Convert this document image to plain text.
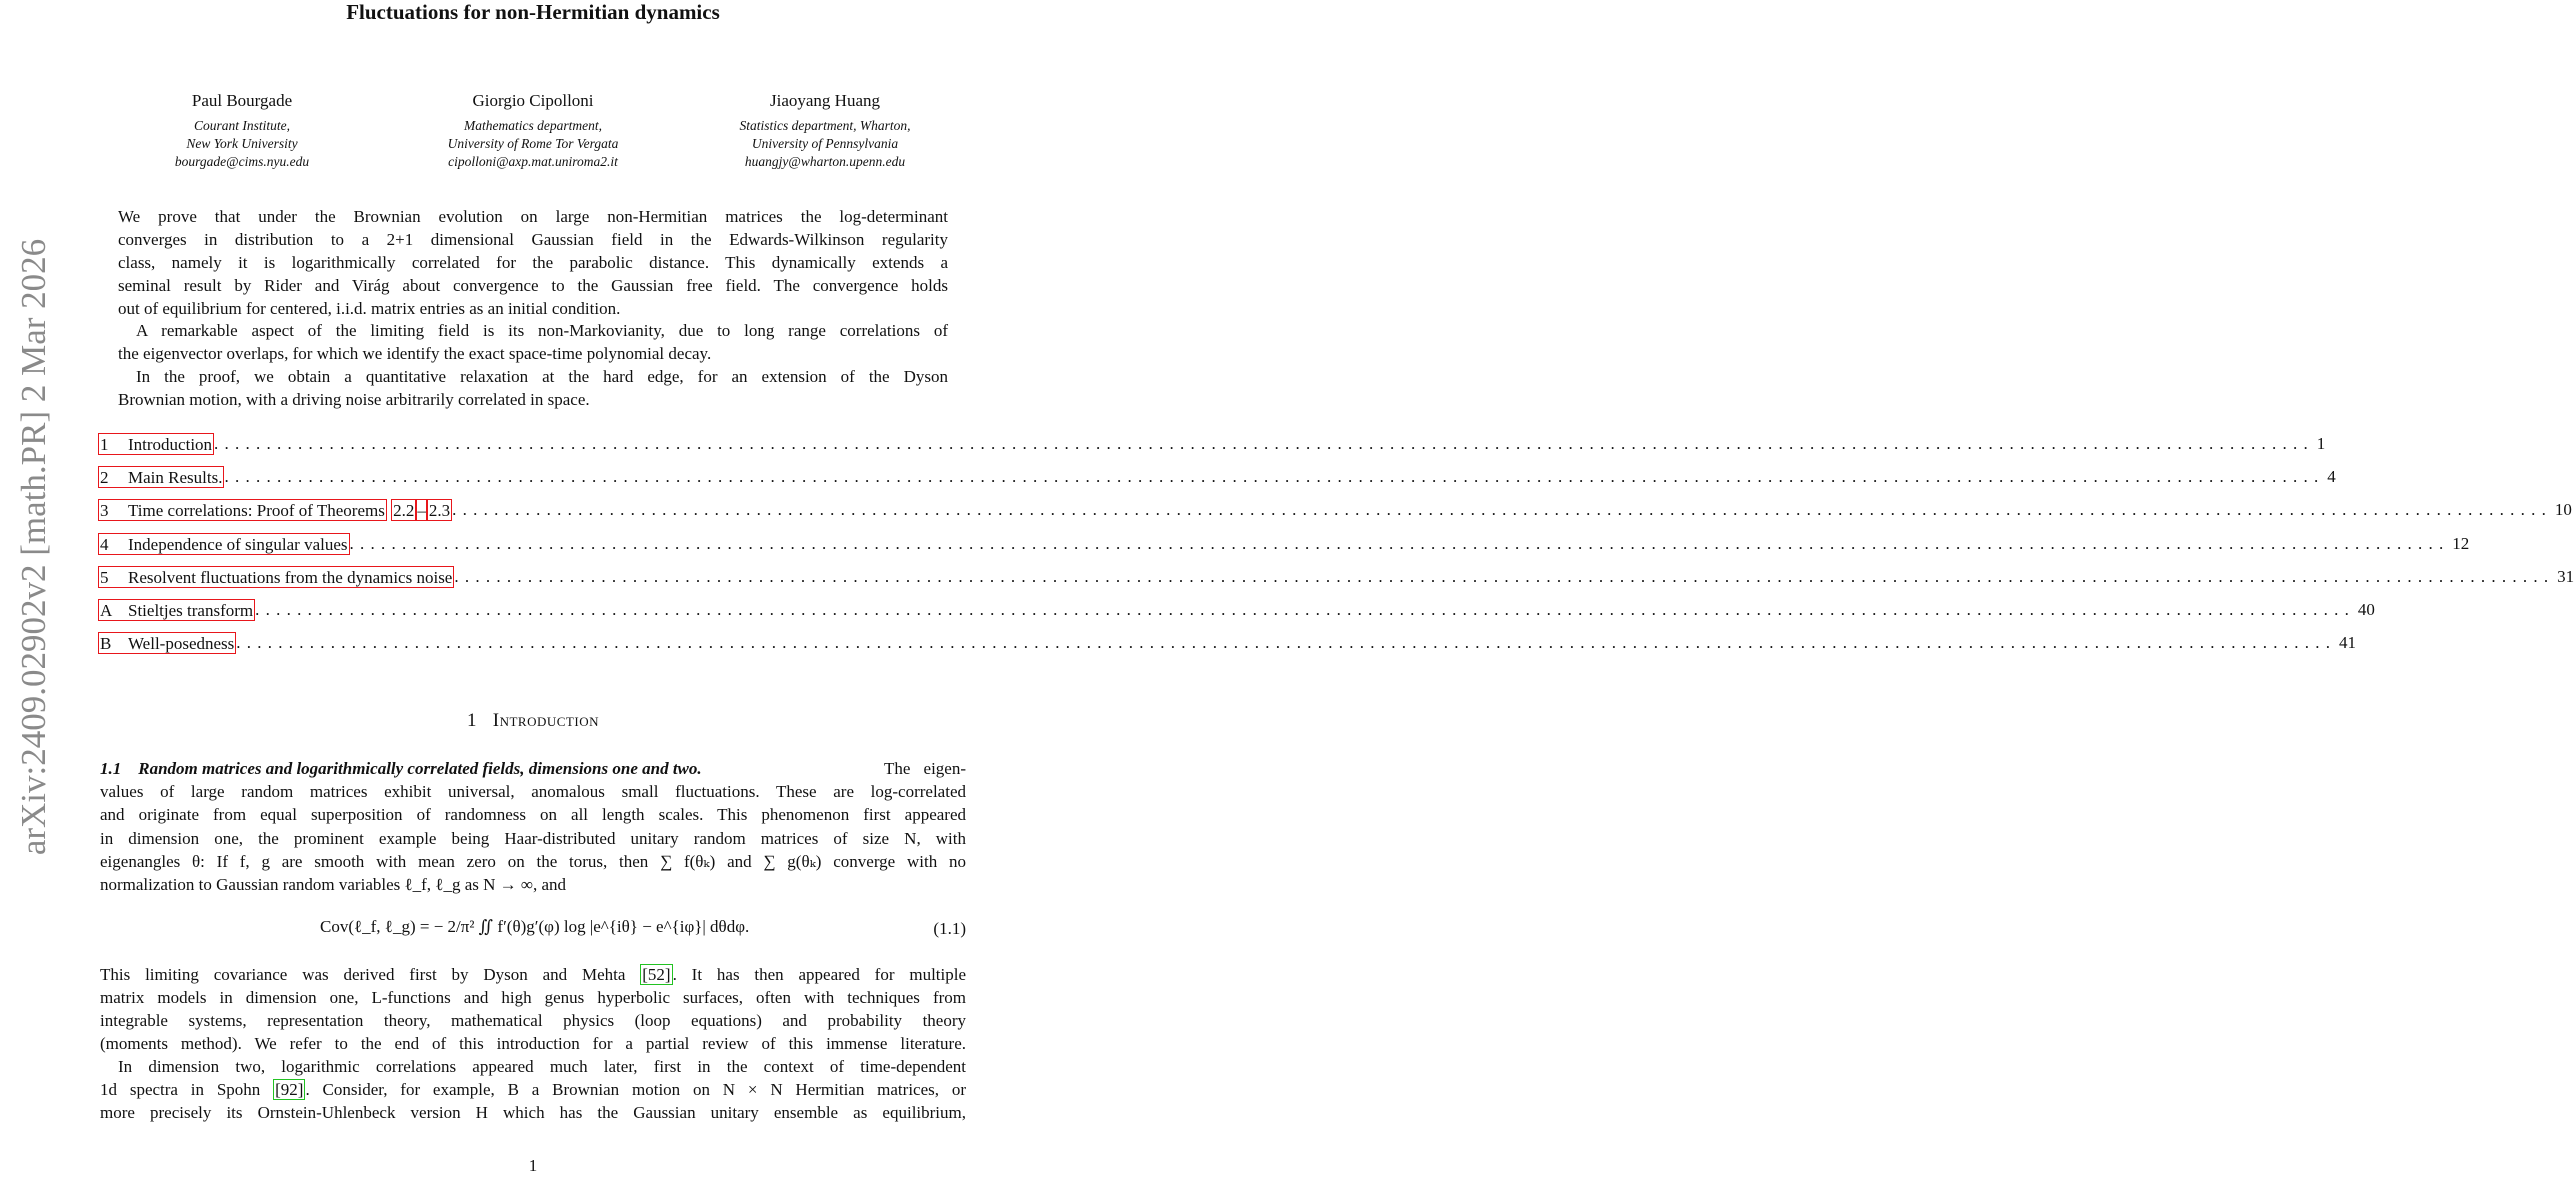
arXiv:2409.02902v2 [math.PR] 2 Mar 2026
Fluctuations for non-Hermitian dynamics
Paul Bourgade
Courant Institute,
New York University
bourgade@cims.nyu.edu
Giorgio Cipolloni
Mathematics department,
University of Rome Tor Vergata
cipolloni@axp.mat.uniroma2.it
Jiaoyang Huang
Statistics department, Wharton,
University of Pennsylvania
huangjy@wharton.upenn.edu
We prove that under the Brownian evolution on large non-Hermitian matrices the log-determinant
converges in distribution to a 2+1 dimensional Gaussian field in the Edwards-Wilkinson regularity
class, namely it is logarithmically correlated for the parabolic distance. This dynamically extends a
seminal result by Rider and Virág about convergence to the Gaussian free field. The convergence holds
out of equilibrium for centered, i.i.d. matrix entries as an initial condition.
A remarkable aspect of the limiting field is its non-Markovianity, due to long range correlations of
the eigenvector overlaps, for which we identify the exact space-time polynomial decay.
In the proof, we obtain a quantitative relaxation at the hard edge, for an extension of the Dyson
Brownian motion, with a driving noise arbitrarily correlated in space.
1 Introduction . . . . . . . . . . . . . . . . . . . . . . . . . . . . . . . . . . . . . . . . . . . . . . . . . . . . . . . . . . . . . . . . . . . . . . . . . . . . . . . . . . . . . . . . . . . . . . . . . . . . . . . . . . . . . . . . . . . . . . . . . . . . . . . . . . . . . . . . . . . . . . . . . . . . . . . . . . . . . . . . . . . . . . . . . . . . . . . . . . . . . . . . . . . . . . . . . . . . . . . . 1
2 Main Results. . . . . . . . . . . . . . . . . . . . . . . . . . . . . . . . . . . . . . . . . . . . . . . . . . . . . . . . . . . . . . . . . . . . . . . . . . . . . . . . . . . . . . . . . . . . . . . . . . . . . . . . . . . . . . . . . . . . . . . . . . . . . . . . . . . . . . . . . . . . . . . . . . . . . . . . . . . . . . . . . . . . . . . . . . . . . . . . . . . . . . . . . . . . . . . . . . . . . . . . . 4
3 Time correlations: Proof of Theorems
2.2 – 2.3 . . . . . . . . . . . . . . . . . . . . . . . . . . . . . . . . . . . . . . . . . . . . . . . . . . . . . . . . . . . . . . . . . . . . . . . . . . . . . . . . . . . . . . . . . . . . . . . . . . . . . . . . . . . . . . . . . . . . . . . . . . . . . . . . . . . . . . . . . . . . . . . . . . . . . . . . . . . . . . . . . . . . . . . . . . . . . . . . . . . . . . . . . . . . . . . . . . . . . . . . 10
4 Independence of singular values . . . . . . . . . . . . . . . . . . . . . . . . . . . . . . . . . . . . . . . . . . . . . . . . . . . . . . . . . . . . . . . . . . . . . . . . . . . . . . . . . . . . . . . . . . . . . . . . . . . . . . . . . . . . . . . . . . . . . . . . . . . . . . . . . . . . . . . . . . . . . . . . . . . . . . . . . . . . . . . . . . . . . . . . . . . . . . . . . . . . . . . . . . . . . . . . . . . . . . . . 12
5 Resolvent fluctuations from the dynamics noise . . . . . . . . . . . . . . . . . . . . . . . . . . . . . . . . . . . . . . . . . . . . . . . . . . . . . . . . . . . . . . . . . . . . . . . . . . . . . . . . . . . . . . . . . . . . . . . . . . . . . . . . . . . . . . . . . . . . . . . . . . . . . . . . . . . . . . . . . . . . . . . . . . . . . . . . . . . . . . . . . . . . . . . . . . . . . . . . . . . . . . . . . . . . . . . . . . . . . . . . 31
A Stieltjes transform . . . . . . . . . . . . . . . . . . . . . . . . . . . . . . . . . . . . . . . . . . . . . . . . . . . . . . . . . . . . . . . . . . . . . . . . . . . . . . . . . . . . . . . . . . . . . . . . . . . . . . . . . . . . . . . . . . . . . . . . . . . . . . . . . . . . . . . . . . . . . . . . . . . . . . . . . . . . . . . . . . . . . . . . . . . . . . . . . . . . . . . . . . . . . . . . . . . . . . . . 40
B Well-posedness . . . . . . . . . . . . . . . . . . . . . . . . . . . . . . . . . . . . . . . . . . . . . . . . . . . . . . . . . . . . . . . . . . . . . . . . . . . . . . . . . . . . . . . . . . . . . . . . . . . . . . . . . . . . . . . . . . . . . . . . . . . . . . . . . . . . . . . . . . . . . . . . . . . . . . . . . . . . . . . . . . . . . . . . . . . . . . . . . . . . . . . . . . . . . . . . . . . . . . . . 41
1 Introduction
1.1 Random matrices and logarithmically correlated fields, dimensions one and two.	The eigen-
values of large random matrices exhibit universal, anomalous small fluctuations. These are log-correlated
and originate from equal superposition of randomness on all length scales. This phenomenon first appeared
in dimension one, the prominent example being Haar-distributed unitary random matrices of size N, with
eigenangles θ: If f, g are smooth with mean zero on the torus, then ∑ f(θₖ) and ∑ g(θₖ) converge with no
normalization to Gaussian random variables ℓ_f, ℓ_g as N → ∞, and
Cov(ℓ_f, ℓ_g) = − 2/π² ∬ f′(θ)g′(φ) log |e^{iθ} − e^{iφ}| dθdφ.	(1.1)
This limiting covariance was derived first by Dyson and Mehta [52] . It has then appeared for multiple
matrix models in dimension one, L-functions and high genus hyperbolic surfaces, often with techniques from
integrable systems, representation theory, mathematical physics (loop equations) and probability theory
(moments method). We refer to the end of this introduction for a partial review of this immense literature.
In dimension two, logarithmic correlations appeared much later, first in the context of time-dependent
1d spectra in Spohn [92] . Consider, for example, B a Brownian motion on N × N Hermitian matrices, or
more precisely its Ornstein-Uhlenbeck version H which has the Gaussian unitary ensemble as equilibrium,
1
